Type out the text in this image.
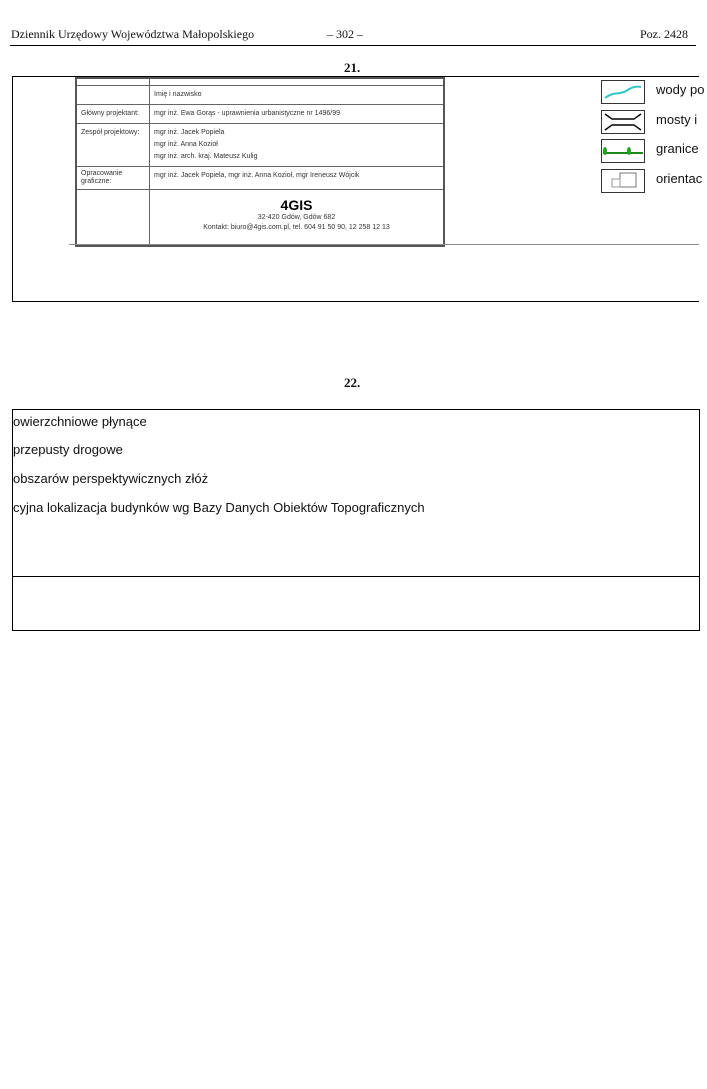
Dziennik Urzędowy Województwa Małopolskiego	– 302 –	Poz. 2428
21.

	Imię i nazwisko
Główny projektant:	mgr inż. Ewa Gorąs - uprawnienia urbanistyczne nr 1496/99
Zespół projektowy:	mgr inż. Jacek Popiela
mgr inż. Anna Kozioł
mgr inż. arch. kraj. Mateusz Kulig

Opracowanie graficzne:	mgr inż. Jacek Popiela, mgr inż. Anna Kozioł, mgr Ireneusz Wójcik

	4GIS
32-420 Gdów, Gdów 682
Kontakt: biuro@4gis.com.pl, tel. 604 91 50 90, 12 258 12 13
wody po
mosty i
granice
orientac
22.
owierzchniowe płynące
przepusty drogowe
obszarów perspektywicznych złóż
cyjna lokalizacja budynków wg Bazy Danych Obiektów Topograficznych
